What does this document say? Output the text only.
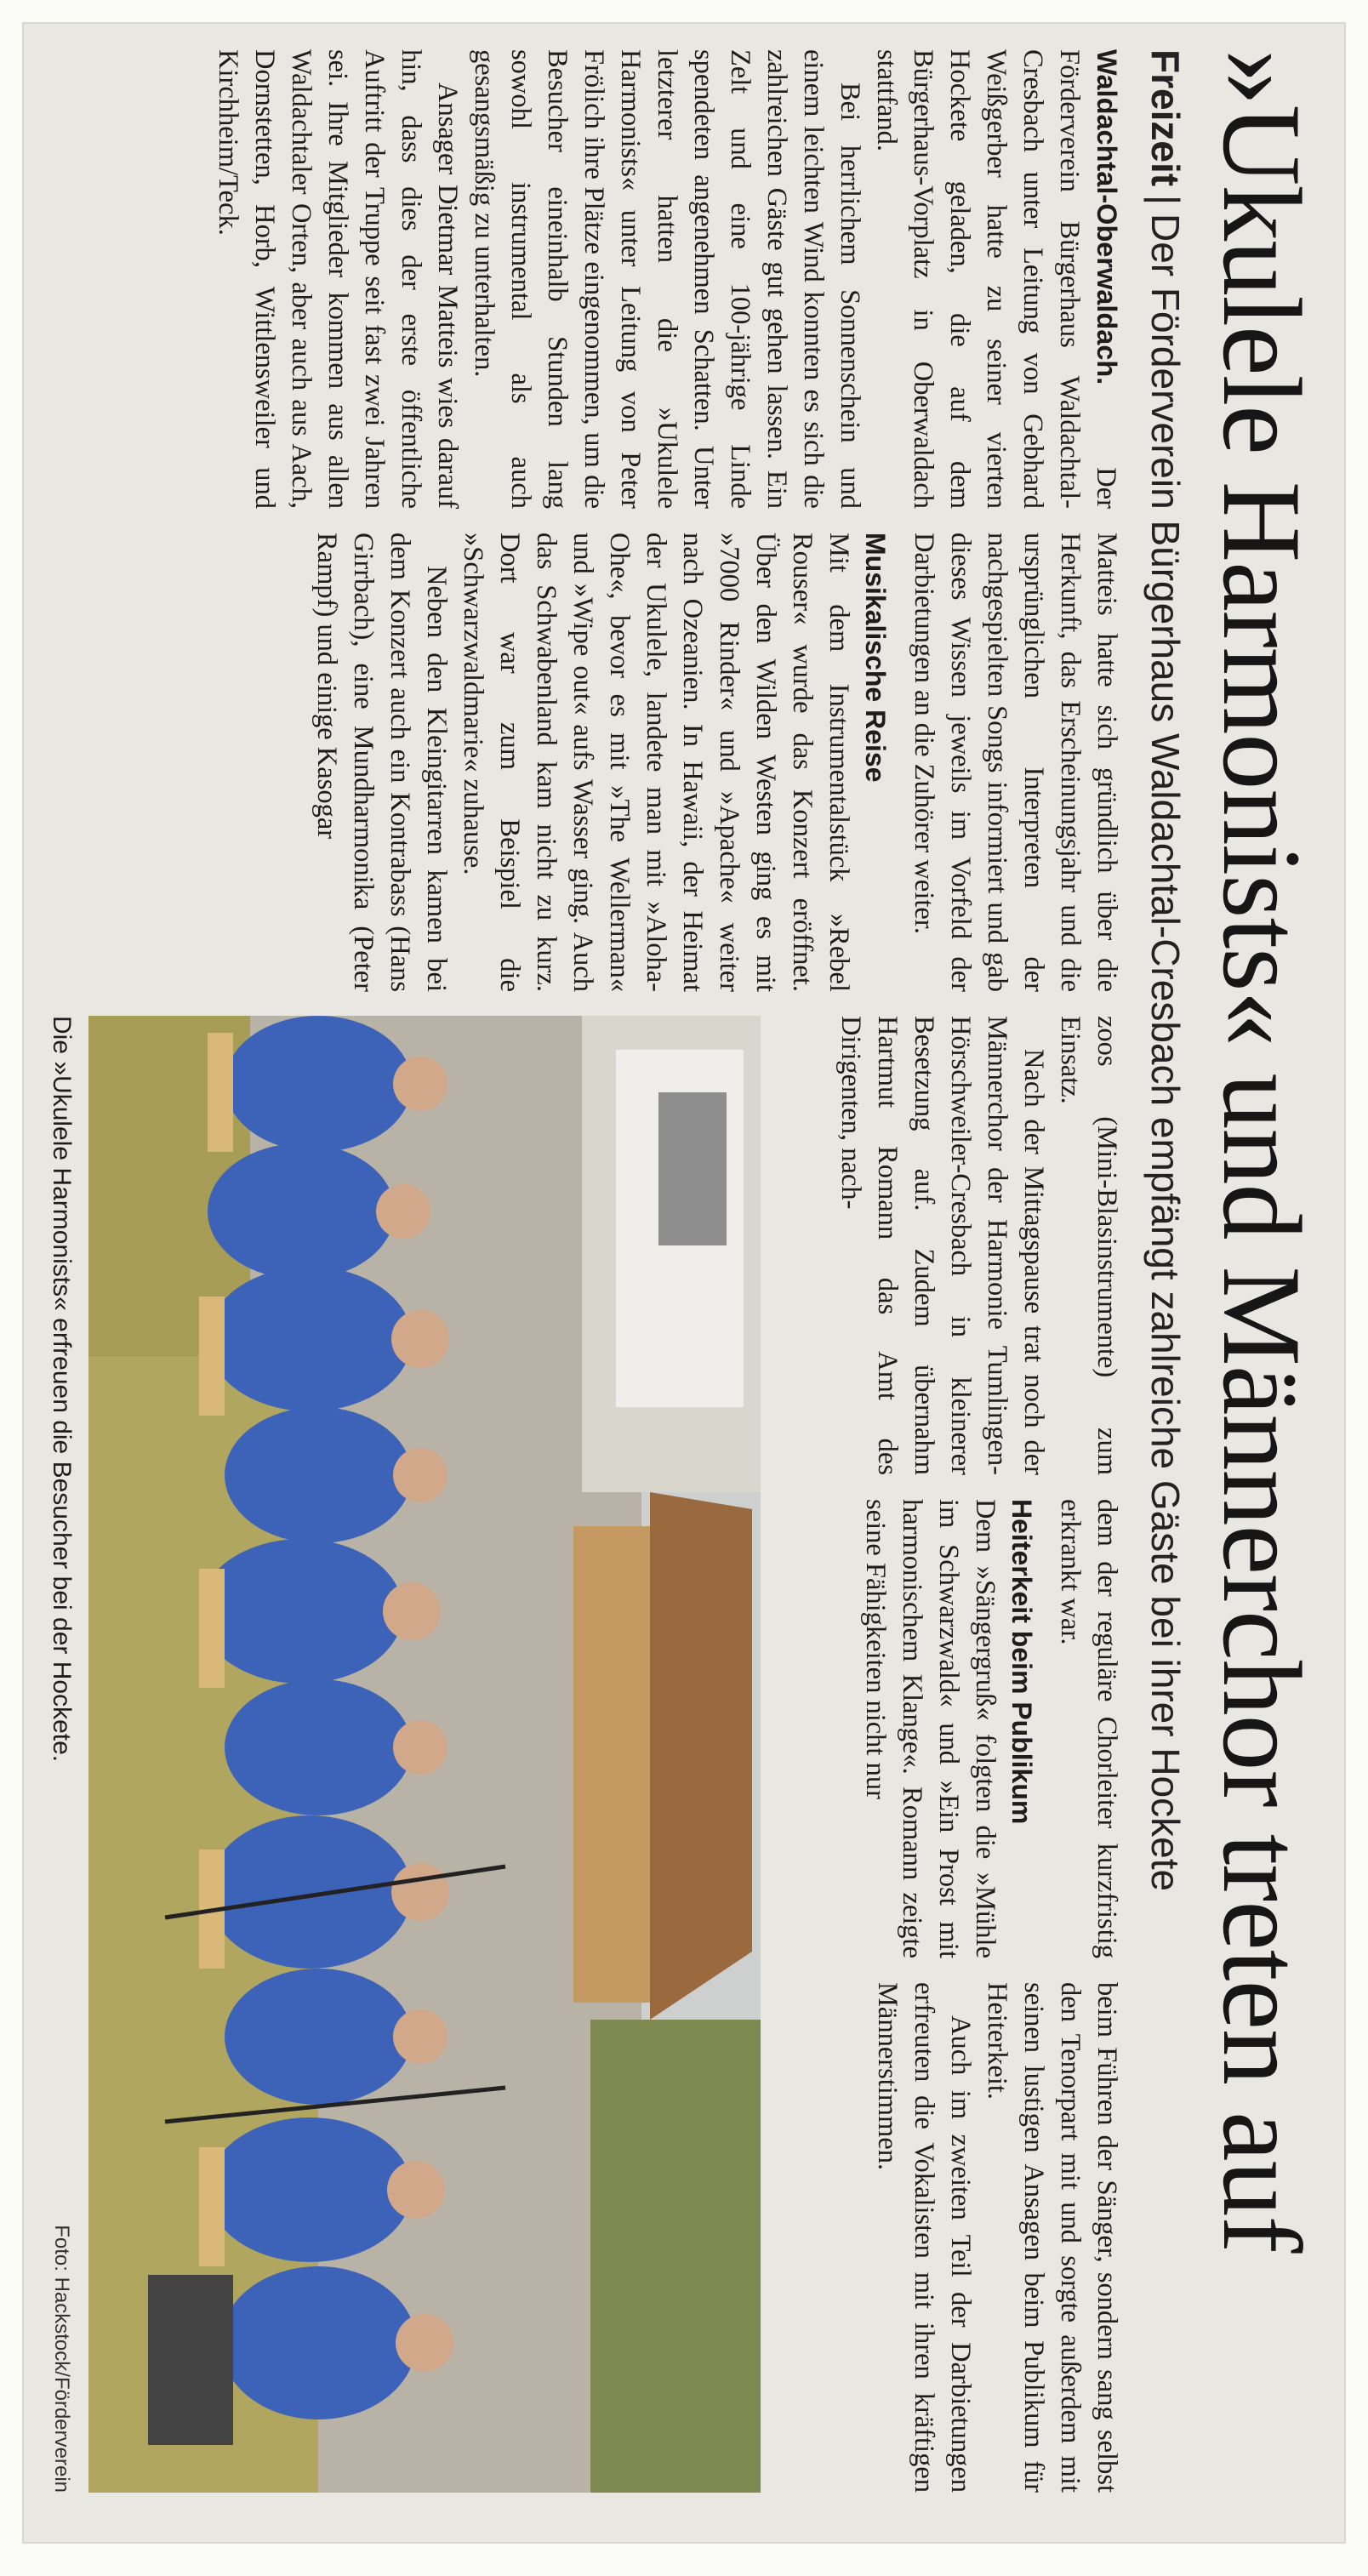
»Ukulele Harmonists« und Männerchor treten auf
Freizeit|Der Förderverein Bürgerhaus Waldachtal-Cresbach empfängt zahlreiche Gäste bei ihrer Hockete

Waldachtal-Oberwaldach. Der Förderverein Bürgerhaus Waldachtal-Cresbach unter Leitung von Gebhard Weißgerber hatte zu seiner vierten Hockete geladen, die auf dem Bürgerhaus-Vorplatz in Oberwaldach stattfand.

Bei herrlichem Sonnenschein und einem leichten Wind konnten es sich die zahlreichen Gäste gut gehen lassen. Ein Zelt und eine 100-jährige Linde spendeten angenehmen Schatten. Unter letzterer hatten die »Ukulele Harmonists« unter Leitung von Peter Frölich ihre Plätze eingenommen, um die Besucher eineinhalb Stunden lang sowohl instrumental als auch gesangsmäßig zu unterhalten.

Ansager Dietmar Matteis wies darauf hin, dass dies der erste öffentliche Auftritt der Truppe seit fast zwei Jahren sei. Ihre Mitglieder kommen aus allen Waldachtaler Orten, aber auch aus Aach, Dornstetten, Horb, Wittlensweiler und Kirchheim/Teck.

Matteis hatte sich gründlich über die Herkunft, das Erscheinungsjahr und die ursprünglichen Interpreten der nachgespielten Songs informiert und gab dieses Wissen jeweils im Vorfeld der Darbietungen an die Zuhörer weiter.

Musikalische Reise

Mit dem Instrumentalstück »Rebel Rouser« wurde das Konzert eröffnet. Über den Wilden Westen ging es mit »7000 Rinder« und »Apache« weiter nach Ozeanien. In Hawaii, der Heimat der Ukulele, landete man mit »Aloha-Ohe«, bevor es mit »The Wellerman« und »Wipe out« aufs Wasser ging. Auch das Schwabenland kam nicht zu kurz. Dort war zum Beispiel die »Schwarzwaldmarie« zuhause.

Neben den Kleingitarren kamen bei dem Konzert auch ein Kontrabass (Hans Girrbach), eine Mundharmonika (Peter Rampf) und einige Kasogar

zoos (Mini-Blasinstrumente) zum Einsatz.

Nach der Mittagspause trat noch der Männerchor der Harmonie Tumlingen-Hörschweiler-Cresbach in kleinerer Besetzung auf. Zudem übernahm Hartmut Romann das Amt des Dirigenten, nach-

dem der reguläre Chorleiter kurzfristig erkrankt war.

Heiterkeit beim Publikum

Dem »Sängergruß« folgten die »Mühle im Schwarzwald« und »Ein Prost mit harmonischem Klange«. Romann zeigte seine Fähigkeiten nicht nur

beim Führen der Sänger, sondern sang selbst den Tenorpart mit und sorgte außerdem mit seinen lustigen Ansagen beim Publikum für Heiterkeit.

Auch im zweiten Teil der Darbietungen erfreuten die Vokalisten mit ihren kräftigen Männerstimmen.

Die »Ukulele Harmonists« erfreuen die Besucher bei der Hockete.
Foto: Hackstock/Förderverein
